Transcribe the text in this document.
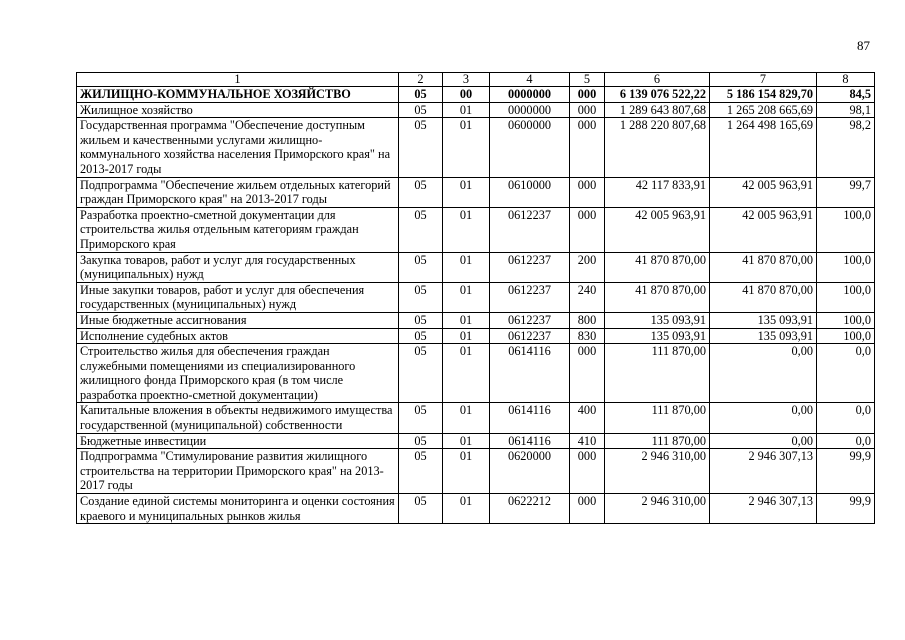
87
1	2	3	4	5	6	7	8
ЖИЛИЩНО-КОММУНАЛЬНОЕ ХОЗЯЙСТВО	05	00	0000000	000	6 139 076 522,22	5 186 154 829,70	84,5
Жилищное хозяйство	05	01	0000000	000	1 289 643 807,68	1 265 208 665,69	98,1
Государственная программа "Обеспечение доступным жильем и качественными услугами жилищно-коммунального хозяйства населения Приморского края" на 2013-2017 годы	05	01	0600000	000	1 288 220 807,68	1 264 498 165,69	98,2
Подпрограмма "Обеспечение жильем отдельных категорий граждан Приморского края" на 2013-2017 годы	05	01	0610000	000	42 117 833,91	42 005 963,91	99,7
Разработка проектно-сметной документации для строительства жилья отдельным категориям граждан Приморского края	05	01	0612237	000	42 005 963,91	42 005 963,91	100,0
Закупка товаров, работ и услуг для государственных (муниципальных) нужд	05	01	0612237	200	41 870 870,00	41 870 870,00	100,0
Иные закупки товаров, работ и услуг для обеспечения государственных (муниципальных) нужд	05	01	0612237	240	41 870 870,00	41 870 870,00	100,0
Иные бюджетные ассигнования	05	01	0612237	800	135 093,91	135 093,91	100,0
Исполнение судебных актов	05	01	0612237	830	135 093,91	135 093,91	100,0
Строительство жилья для обеспечения граждан служебными помещениями из специализированного жилищного фонда Приморского края (в том числе разработка проектно-сметной документации)	05	01	0614116	000	111 870,00	0,00	0,0
Капитальные вложения в объекты недвижимого имущества государственной (муниципальной) собственности	05	01	0614116	400	111 870,00	0,00	0,0
Бюджетные инвестиции	05	01	0614116	410	111 870,00	0,00	0,0
Подпрограмма "Стимулирование развития жилищного строительства на территории Приморского края" на 2013-2017 годы	05	01	0620000	000	2 946 310,00	2 946 307,13	99,9
Создание единой системы мониторинга и оценки состояния краевого и муниципальных рынков жилья	05	01	0622212	000	2 946 310,00	2 946 307,13	99,9
